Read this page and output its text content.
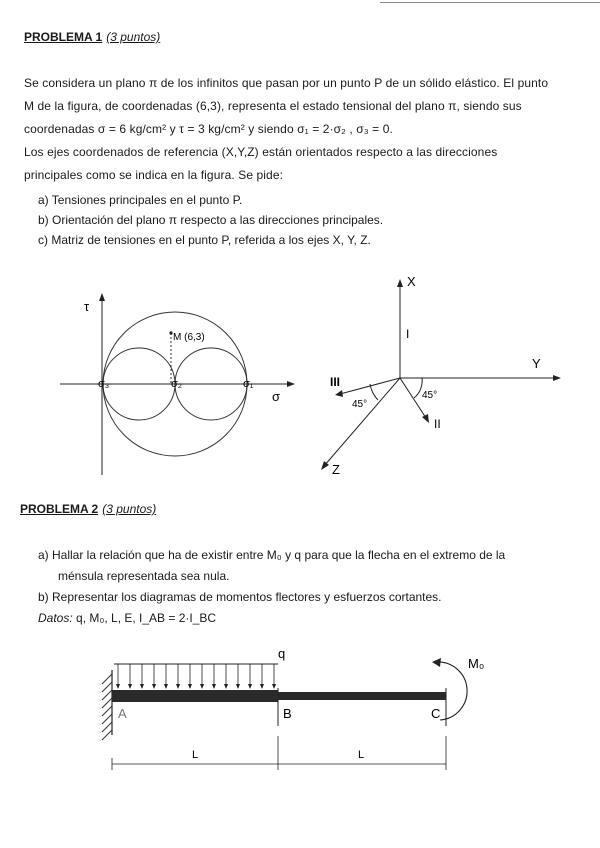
PROBLEMA 1 (3 puntos)
Se considera un plano π de los infinitos que pasan por un punto P de un sólido elástico. El punto
M de la figura, de coordenadas (6,3), representa el estado tensional del plano π, siendo sus
coordenadas σ = 6 kg/cm² y τ = 3 kg/cm² y siendo σ₁ = 2·σ₂ , σ₃ = 0.
Los ejes coordenados de referencia (X,Y,Z) están orientados respecto a las direcciones
principales como se indica en la figura. Se pide:
a) Tensiones principales en el punto P.
b) Orientación del plano π respecto a las direcciones principales.
c) Matriz de tensiones en el punto P, referida a los ejes X, Y, Z.
τ
σ
M (6,3)
σ₃	σ₂	σ₁
X
I
Y
Z
II
III
45°
45°
PROBLEMA 2 (3 puntos)
a) Hallar la relación que ha de existir entre M₀ y q para que la flecha en el extremo de la
ménsula representada sea nula.
b) Representar los diagramas de momentos flectores y esfuerzos cortantes.
Datos: q, M₀, L, E, I_AB = 2·I_BC
q
A	B	C
M₀
L	L
